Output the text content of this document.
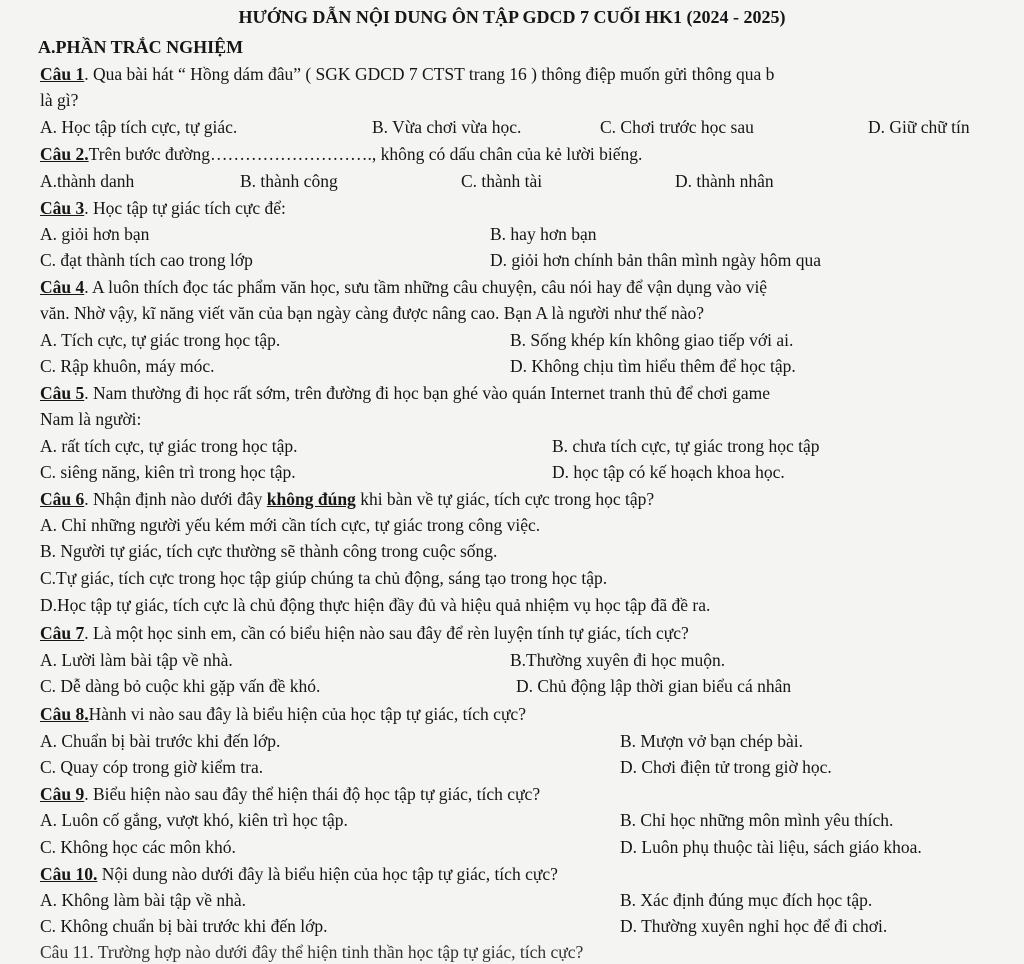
HƯỚNG DẪN NỘI DUNG ÔN TẬP GDCD 7 CUỐI HK1 (2024 - 2025)
A.PHẦN TRẮC NGHIỆM
Câu 1. Qua bài hát “ Hồng dám đâu” ( SGK GDCD 7 CTST trang 16 ) thông điệp muốn gửi thông qua b
là gì?
A. Học tập tích cực, tự giác.	B. Vừa chơi vừa học.	C. Chơi trước học sau	D. Giữ chữ tín
Câu 2.Trên bước đường………………………., không có dấu chân của kẻ lười biếng.
A.thành danh	B. thành công	C. thành tài	D. thành nhân
Câu 3. Học tập tự giác tích cực để:
A. giỏi hơn bạn	B. hay hơn bạn
C. đạt thành tích cao trong lớp	D. giỏi hơn chính bản thân mình ngày hôm qua
Câu 4. A luôn thích đọc tác phẩm văn học, sưu tầm những câu chuyện, câu nói hay để vận dụng vào việ
văn. Nhờ vậy, kĩ năng viết văn của bạn ngày càng được nâng cao. Bạn A là người như thế nào?
A. Tích cực, tự giác trong học tập.	B. Sống khép kín không giao tiếp với ai.
C. Rập khuôn, máy móc.	D. Không chịu tìm hiểu thêm để học tập.
Câu 5. Nam thường đi học rất sớm, trên đường đi học bạn ghé vào quán Internet tranh thủ để chơi game
Nam là người:
A. rất tích cực, tự giác trong học tập.	B. chưa tích cực, tự giác trong học tập
C. siêng năng, kiên trì trong học tập.	D. học tập có kế hoạch khoa học.
Câu 6. Nhận định nào dưới đây không đúng khi bàn về tự giác, tích cực trong học tập?
A. Chỉ những người yếu kém mới cần tích cực, tự giác trong công việc.
B. Người tự giác, tích cực thường sẽ thành công trong cuộc sống.
C.Tự giác, tích cực trong học tập giúp chúng ta chủ động, sáng tạo trong học tập.
D.Học tập tự giác, tích cực là chủ động thực hiện đầy đủ và hiệu quả nhiệm vụ học tập đã đề ra.
Câu 7. Là một học sinh em, cần có biểu hiện nào sau đây để rèn luyện tính tự giác, tích cực?
A. Lười làm bài tập về nhà.	B.Thường xuyên đi học muộn.
C. Dễ dàng bỏ cuộc khi gặp vấn đề khó.	D. Chủ động lập thời gian biểu cá nhân
Câu 8.Hành vi nào sau đây là biểu hiện của học tập tự giác, tích cực?
A. Chuẩn bị bài trước khi đến lớp.	B. Mượn vở bạn chép bài.
C. Quay cóp trong giờ kiểm tra.	D. Chơi điện tử trong giờ học.
Câu 9. Biểu hiện nào sau đây thể hiện thái độ học tập tự giác, tích cực?
A. Luôn cố gắng, vượt khó, kiên trì học tập.	B. Chỉ học những môn mình yêu thích.
C. Không học các môn khó.	D. Luôn phụ thuộc tài liệu, sách giáo khoa.
Câu 10. Nội dung nào dưới đây là biểu hiện của học tập tự giác, tích cực?
A. Không làm bài tập về nhà.	B. Xác định đúng mục đích học tập.
C. Không chuẩn bị bài trước khi đến lớp.	D. Thường xuyên nghỉ học để đi chơi.
Câu 11. Trường hợp nào dưới đây thể hiện tinh thần học tập tự giác, tích cực?
